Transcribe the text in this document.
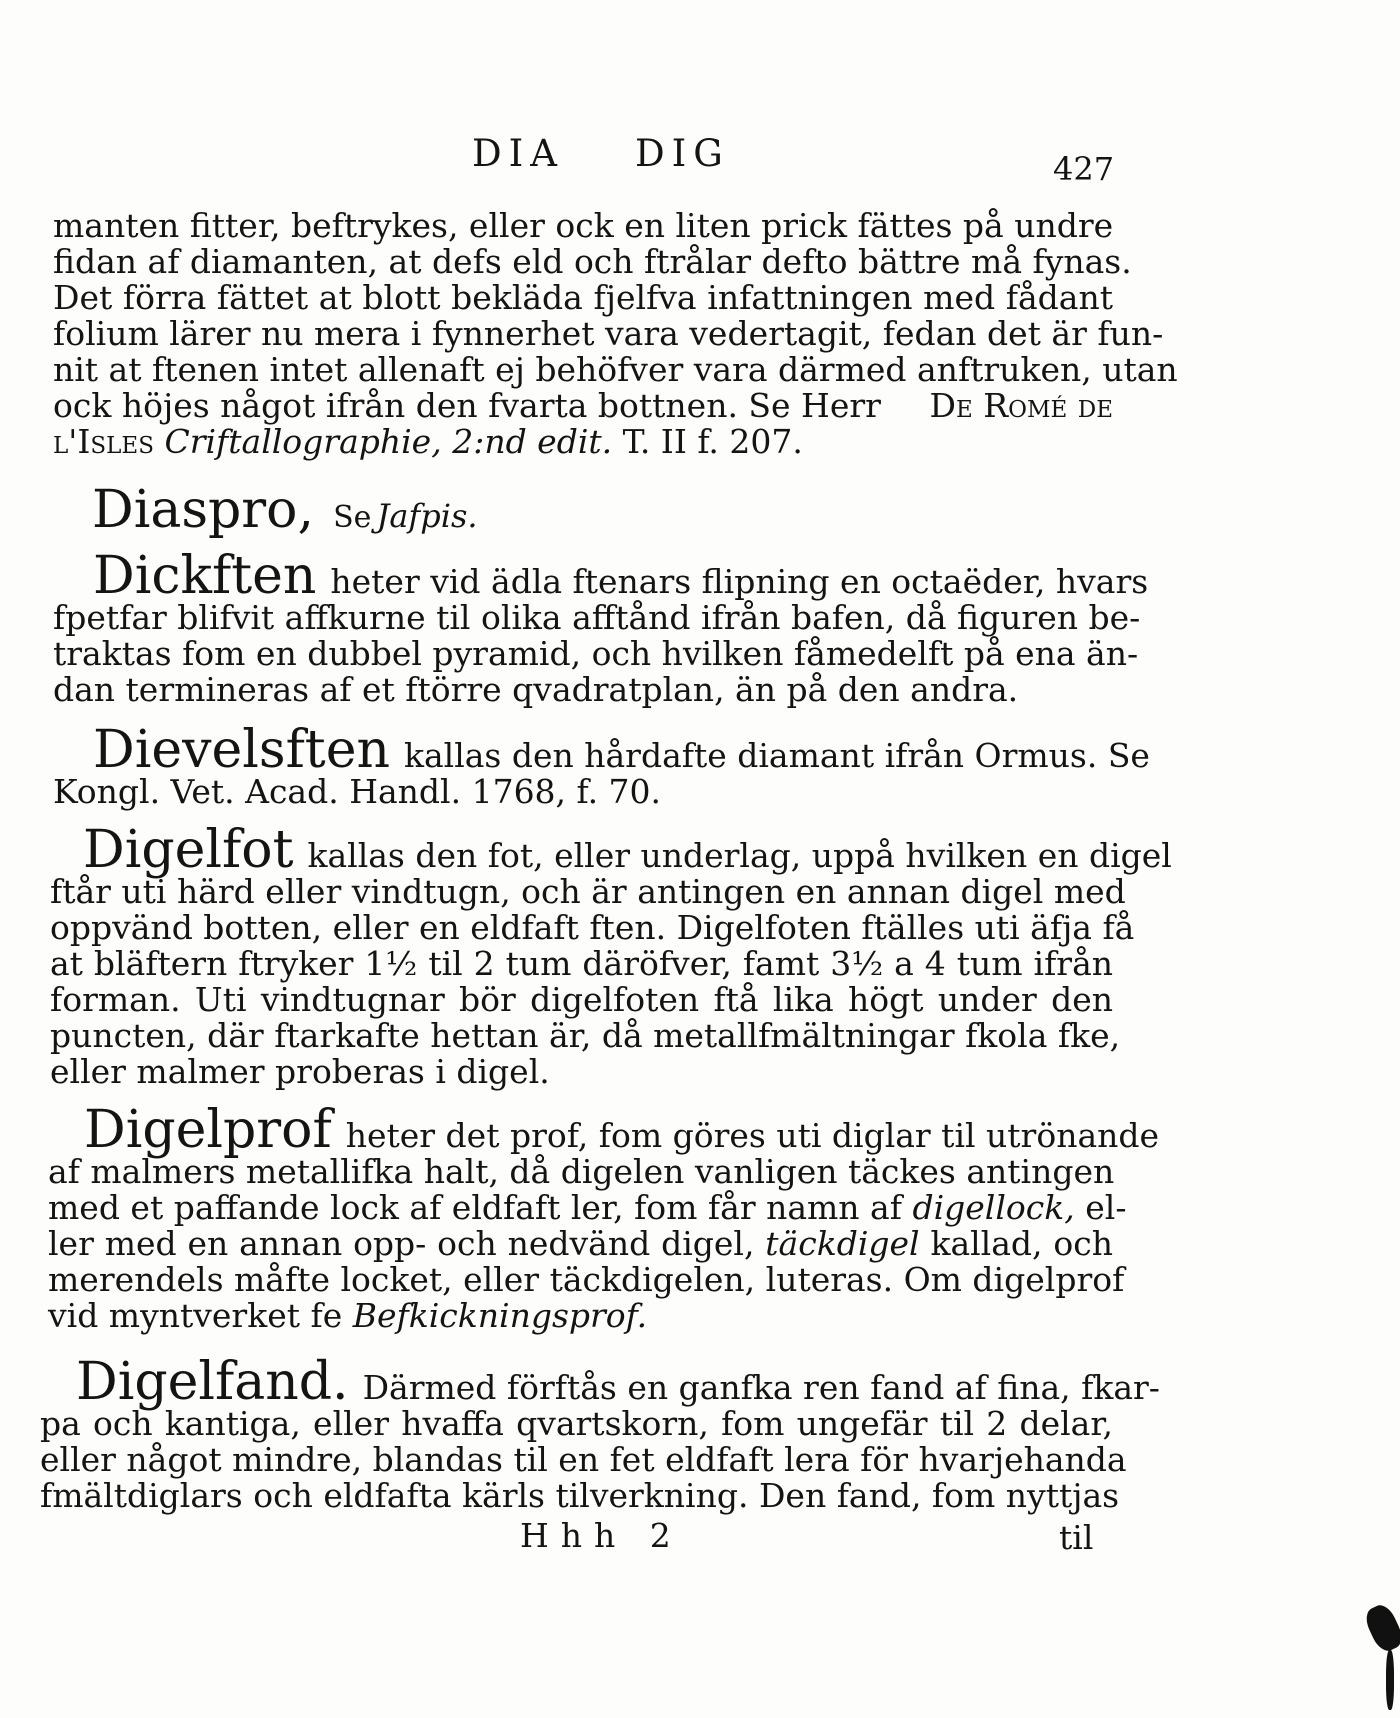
DIA DIG	427
manten fitter, beftrykes, eller ock en liten prick fättes på undre
fidan af diamanten, at defs eld och ftrålar defto bättre må fynas.
Det förra fättet at blott bekläda fjelfva infattningen med fådant
folium lärer nu mera i fynnerhet vara vedertagit, fedan det är fun-
nit at ftenen intet allenaft ej behöfver vara därmed anftruken, utan
ock höjes något ifrån den fvarta bottnen. Se Herr De Romé de
l'Isles Criftallographie, 2:nd edit. T. II f. 207.
Diaspro, Se Jafpis.
Dickften heter vid ädla ftenars flipning en octaëder, hvars
fpetfar blifvit affkurne til olika afftånd ifrån bafen, då figuren be-
traktas fom en dubbel pyramid, och hvilken fåmedelft på ena än-
dan termineras af et ftörre qvadratplan, än på den andra.
Dievelsften kallas den hårdafte diamant ifrån Ormus. Se
Kongl. Vet. Acad. Handl. 1768, f. 70.
Digelfot kallas den fot, eller underlag, uppå hvilken en digel
ftår uti härd eller vindtugn, och är antingen en annan digel med
oppvänd botten, eller en eldfaft ften. Digelfoten ftälles uti äfja få
at bläftern ftryker 1½ til 2 tum däröfver, famt 3½ a 4 tum ifrån
forman. Uti vindtugnar bör digelfoten ftå lika högt under den
puncten, där ftarkafte hettan är, då metallfmältningar fkola fke,
eller malmer proberas i digel.
Digelprof heter det prof, fom göres uti diglar til utrönande
af malmers metallifka halt, då digelen vanligen täckes antingen
med et paffande lock af eldfaft ler, fom får namn af digellock, el-
ler med en annan opp- och nedvänd digel, täckdigel kallad, och
merendels måfte locket, eller täckdigelen, luteras. Om digelprof
vid myntverket fe Befkickningsprof.
Digelfand. Därmed förftås en ganfka ren fand af fina, fkar-
pa och kantiga, eller hvaffa qvartskorn, fom ungefär til 2 delar,
eller något mindre, blandas til en fet eldfaft lera för hvarjehanda
fmältdiglars och eldfafta kärls tilverkning. Den fand, fom nyttjas
Hhh 2	til
